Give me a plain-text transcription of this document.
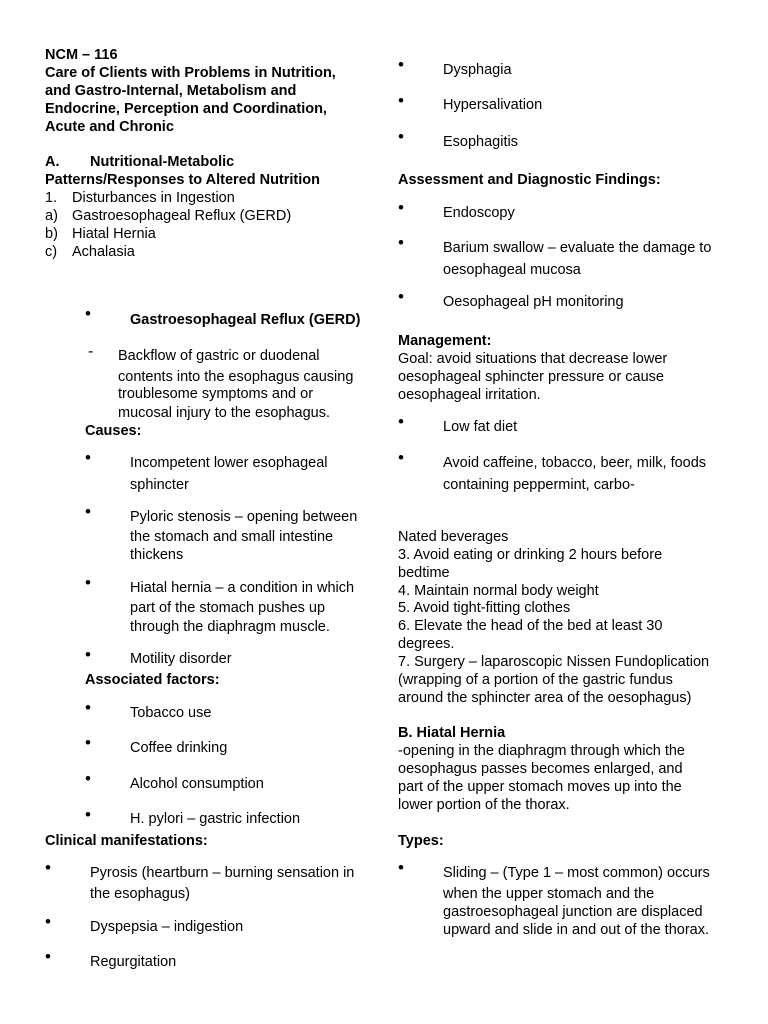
NCM – 116
Care of Clients with Problems in Nutrition,
and Gastro-Internal, Metabolism and
Endocrine, Perception and Coordination,
Acute and Chronic
A. Nutritional-Metabolic
Patterns/Responses to Altered Nutrition
1. Disturbances in Ingestion
a) Gastroesophageal Reflux (GERD)
b) Hiatal Hernia
c) Achalasia
•	Gastroesophageal Reflux (GERD)
- Backflow of gastric or duodenal
contents into the esophagus causing
troublesome symptoms and or
mucosal injury to the esophagus.
Causes:
•	Incompetent lower esophageal
sphincter
•	Pyloric stenosis – opening between
the stomach and small intestine
thickens
•	Hiatal hernia – a condition in which
part of the stomach pushes up
through the diaphragm muscle.
•	Motility disorder
Associated factors:
•	Tobacco use
•	Coffee drinking
•	Alcohol consumption
•	H. pylori – gastric infection
Clinical manifestations:
•	Pyrosis (heartburn – burning sensation in
the esophagus)
•	Dyspepsia – indigestion
•	Regurgitation
•	Dysphagia
•	Hypersalivation
•	Esophagitis
Assessment and Diagnostic Findings:
•	Endoscopy
•	Barium swallow – evaluate the damage to
oesophageal mucosa
•	Oesophageal pH monitoring
Management:
Goal: avoid situations that decrease lower
oesophageal sphincter pressure or cause
oesophageal irritation.
•	Low fat diet
•	Avoid caffeine, tobacco, beer, milk, foods
containing peppermint, carbo-
Nated beverages
3. Avoid eating or drinking 2 hours before
bedtime
4. Maintain normal body weight
5. Avoid tight-fitting clothes
6. Elevate the head of the bed at least 30
degrees.
7. Surgery – laparoscopic Nissen Fundoplication
(wrapping of a portion of the gastric fundus
around the sphincter area of the oesophagus)
B. Hiatal Hernia
-opening in the diaphragm through which the
oesophagus passes becomes enlarged, and
part of the upper stomach moves up into the
lower portion of the thorax.
Types:
•	Sliding – (Type 1 – most common) occurs
when the upper stomach and the
gastroesophageal junction are displaced
upward and slide in and out of the thorax.
